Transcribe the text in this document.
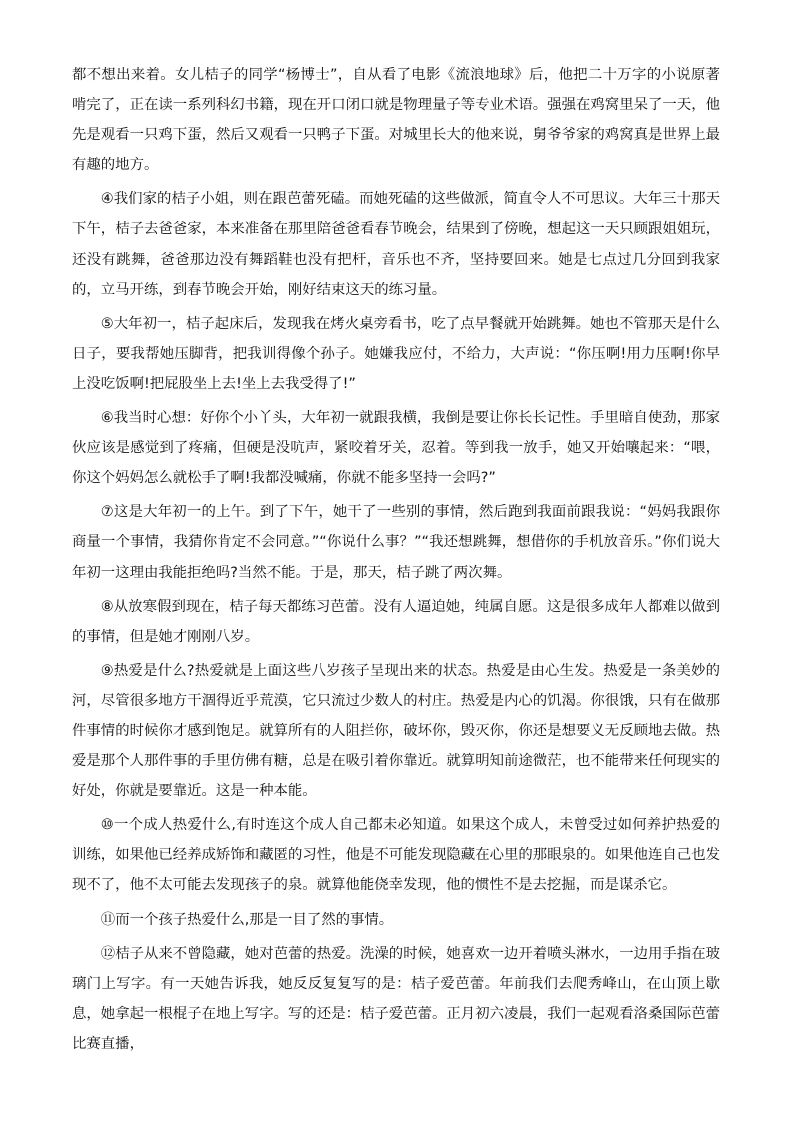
都不想出来着。女儿桔子的同学“杨博士”，自从看了电影《流浪地球》后，他把二十万字的小说原著啃完了，正在读一系列科幻书籍，现在开口闭口就是物理量子等专业术语。强强在鸡窝里呆了一天，他先是观看一只鸡下蛋，然后又观看一只鸭子下蛋。对城里长大的他来说，舅爷爷家的鸡窝真是世界上最有趣的地方。

④我们家的桔子小姐，则在跟芭蕾死磕。而她死磕的这些做派，简直令人不可思议。大年三十那天下午，桔子去爸爸家，本来准备在那里陪爸爸看春节晚会，结果到了傍晚，想起这一天只顾跟姐姐玩，还没有跳舞，爸爸那边没有舞蹈鞋也没有把杆，音乐也不齐，坚持要回来。她是七点过几分回到我家的，立马开练，到春节晚会开始，刚好结束这天的练习量。

⑤大年初一，桔子起床后，发现我在烤火桌旁看书，吃了点早餐就开始跳舞。她也不管那天是什么日子，要我帮她压脚背，把我训得像个孙子。她嫌我应付，不给力，大声说：“你压啊!用力压啊!你早上没吃饭啊!把屁股坐上去!坐上去我受得了!”

⑥我当时心想：好你个小丫头，大年初一就跟我横，我倒是要让你长长记性。手里暗自使劲，那家伙应该是感觉到了疼痛，但硬是没吭声，紧咬着牙关，忍着。等到我一放手，她又开始嚷起来：“喂，你这个妈妈怎么就松手了啊!我都没喊痛，你就不能多坚持一会吗?”

⑦这是大年初一的上午。到了下午，她干了一些别的事情，然后跑到我面前跟我说：“妈妈我跟你商量一个事情，我猜你肯定不会同意。”“你说什么事？”“我还想跳舞，想借你的手机放音乐。”你们说大年初一这理由我能拒绝吗?当然不能。于是，那天，桔子跳了两次舞。

⑧从放寒假到现在，桔子每天都练习芭蕾。没有人逼迫她，纯属自愿。这是很多成年人都难以做到的事情，但是她才刚刚八岁。

⑨热爱是什么?热爱就是上面这些八岁孩子呈现出来的状态。热爱是由心生发。热爱是一条美妙的河，尽管很多地方干涸得近乎荒漠，它只流过少数人的村庄。热爱是内心的饥渴。你很饿，只有在做那件事情的时候你才感到饱足。就算所有的人阻拦你，破坏你，毁灭你，你还是想要义无反顾地去做。热爱是那个人那件事的手里仿佛有糖，总是在吸引着你靠近。就算明知前途微茫，也不能带来任何现实的好处，你就是要靠近。这是一种本能。

⑩一个成人热爱什么,有时连这个成人自己都未必知道。如果这个成人，未曾受过如何养护热爱的训练，如果他已经养成矫饰和藏匿的习性，他是不可能发现隐藏在心里的那眼泉的。如果他连自己也发现不了，他不太可能去发现孩子的泉。就算他能侥幸发现，他的惯性不是去挖掘，而是谋杀它。

⑪而一个孩子热爱什么,那是一目了然的事情。

⑫桔子从来不曾隐藏，她对芭蕾的热爱。洗澡的时候，她喜欢一边开着喷头淋水，一边用手指在玻璃门上写字。有一天她告诉我，她反反复复写的是：桔子爱芭蕾。年前我们去爬秀峰山，在山顶上歇息，她拿起一根棍子在地上写字。写的还是：桔子爱芭蕾。正月初六凌晨，我们一起观看洛桑国际芭蕾比赛直播，
